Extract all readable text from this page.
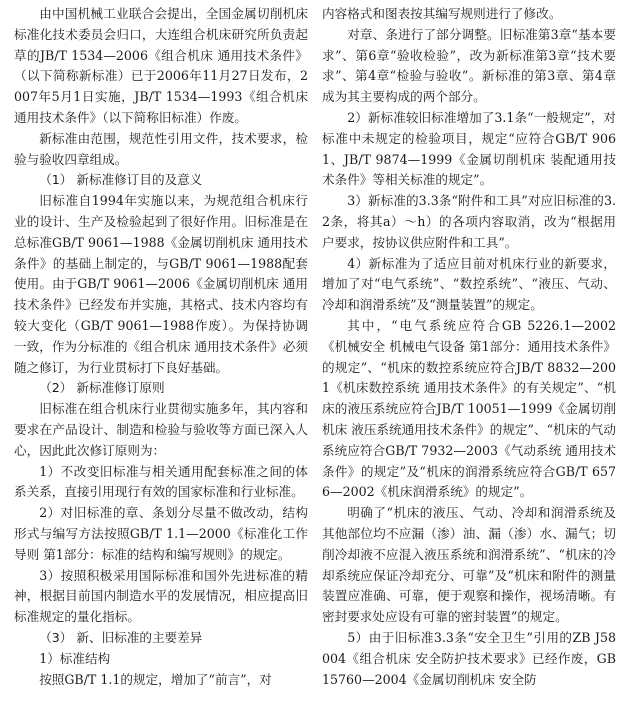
由中国机械工业联合会提出，全国金属切削机床标准化技术委员会归口，大连组合机床研究所负责起草的JB/T 1534—2006《组合机床 通用技术条件》（以下简称新标准）已于2006年11月27日发布，2007年5月1日实施，JB/T 1534—1993《组合机床 通用技术条件》（以下简称旧标准）作废。

新标准由范围，规范性引用文件，技术要求，检验与验收四章组成。

（1） 新标准修订目的及意义

旧标准自1994年实施以来，为规范组合机床行业的设计、生产及检验起到了很好作用。旧标准是在总标准GB/T 9061—1988《金属切削机床 通用技术条件》的基础上制定的，与GB/T 9061—1988配套使用。由于GB/T 9061—2006《金属切削机床 通用技术条件》已经发布并实施，其格式、技术内容均有较大变化（GB/T 9061—1988作废）。为保持协调一致，作为分标准的《组合机床 通用技术条件》必须随之修订，为行业贯标打下良好基础。

（2） 新标准修订原则

旧标准在组合机床行业贯彻实施多年，其内容和要求在产品设计、制造和检验与验收等方面已深入人心，因此此次修订原则为：

1）不改变旧标准与相关通用配套标准之间的体系关系，直接引用现行有效的国家标准和行业标准。

2）对旧标准的章、条划分尽量不做改动，结构形式与编写方法按照GB/T 1.1—2000《标准化工作导则 第1部分：标准的结构和编写规则》的规定。

3）按照积极采用国际标准和国外先进标准的精神，根据目前国内制造水平的发展情况，相应提高旧标准规定的量化指标。

（3） 新、旧标准的主要差异

1）标准结构

按照GB/T 1.1的规定，增加了“前言”，对

内容格式和图表按其编写规则进行了修改。

对章、条进行了部分调整。旧标准第3章“基本要求”、第6章“验收检验”，改为新标准第3章“技术要求”、第4章“检验与验收”。新标准的第3章、第4章成为其主要构成的两个部分。

2）新标准较旧标准增加了3.1条“一般规定”，对标准中未规定的检验项目，规定“应符合GB/T 9061、JB/T 9874—1999《金属切削机床 装配通用技术条件》等相关标准的规定”。

3）新标准的3.3条“附件和工具”对应旧标准的3.2条，将其a）～h）的各项内容取消，改为“根据用户要求，按协议供应附件和工具”。

4）新标准为了适应目前对机床行业的新要求，增加了对“电气系统”、“数控系统”、“液压、气动、冷却和润滑系统”及“测量装置”的规定。

其中，“电气系统应符合GB 5226.1—2002《机械安全 机械电气设备 第1部分：通用技术条件》的规定”、“机床的数控系统应符合JB/T 8832—2001《机床数控系统 通用技术条件》的有关规定”、“机床的液压系统应符合JB/T 10051—1999《金属切削机床 液压系统通用技术条件》的规定”、“机床的气动系统应符合GB/T 7932—2003《气动系统 通用技术条件》的规定”及“机床的润滑系统应符合GB/T 6576—2002《机床润滑系统》的规定”。

明确了“机床的液压、气动、冷却和润滑系统及其他部位均不应漏（渗）油、漏（渗）水、漏气；切削冷却液不应混入液压系统和润滑系统”、“机床的冷却系统应保证冷却充分、可靠”及“机床和附件的测量装置应准确、可靠，便于观察和操作，视场清晰。有密封要求处应设有可靠的密封装置”的规定。

5）由于旧标准3.3条“安全卫生”引用的ZB J58 004《组合机床 安全防护技术要求》已经作废，GB 15760—2004《金属切削机床 安全防
